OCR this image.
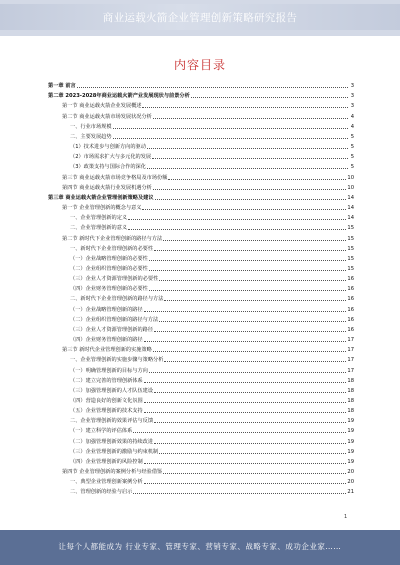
商业运载火箭企业管理创新策略研究报告
内容目录
第一章 前言	3
第二章 2023-2028年商业运载火箭产业发展现状与前景分析	3
第一节 商业运载火箭企业发展概述	3
第二节 商业运载火箭市场发展状况分析	4
一、行业市场规模	4
二、主要发展趋势	5
（1）技术进步与创新方向的驱动	5
（2）市场需求扩大与多元化的发展	5
（3）政策支持与国际合作的深化	5
第三节 商业运载火箭市场竞争格局及市场份额	10
第四节 商业运载火箭行业发展机遇分析	10
第三章 商业运载火箭企业管理创新策略及建议	14
第一节 企业管理创新的概念与意义	14
一、企业管理创新的定义	14
二、企业管理创新的意义	15
第二节 新时代下企业管理创新的路径与方法	15
一、新时代下企业管理创新的必要性	15
（一）企业战略管理创新的必要性	15
（二）企业组织管理创新的必要性	15
（三）企业人才资源管理创新的必要性	16
（四）企业财务管理创新的必要性	16
二、新时代下企业管理创新的路径与方法	16
（一）企业战略管理创新的路径	16
（二）企业组织管理创新的路径与方法	16
（三）企业人才资源管理创新的路径	16
（四）企业财务管理创新的路径	17
第三节 新时代企业管理创新的实施策略	17
一、企业管理创新的实施步骤与策略分析	17
（一）明确管理创新的目标与方向	17
（二）建立完善的管理创新体系	18
（三）加强管理创新的人才队伍建设	18
（四）营造良好的创新文化氛围	18
（五）企业管理创新的技术支持	18
二、企业管理创新的效果评估与反馈	19
（一）建立科学的评估体系	19
（二）加强管理创新效果的持续改进	19
（三）企业管理创新的激励与约束机制	19
（四）企业管理创新的风险控制	19
第四节 企业管理创新的案例分析与经验借鉴	20
一、典型企业管理创新案例分析	20
二、管理创新的经验与启示	21
1
让每个人都能成为 行业专家、管理专家、营销专家、战略专家、成功企业家……
